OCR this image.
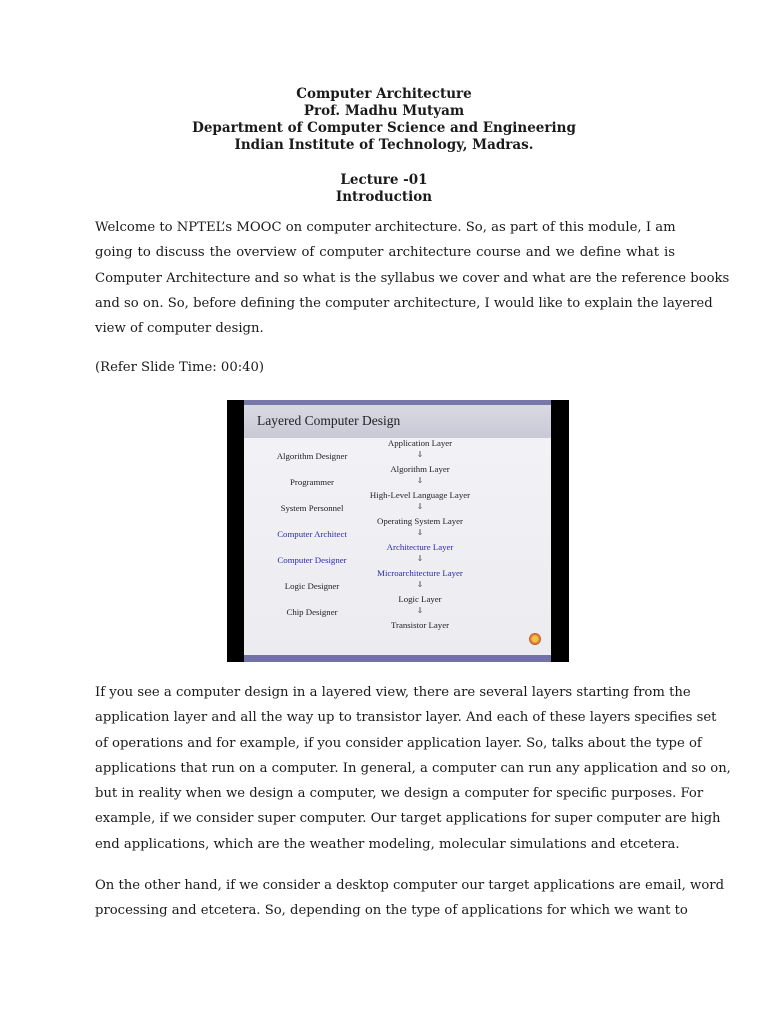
Computer Architecture
Prof. Madhu Mutyam
Department of Computer Science and Engineering
Indian Institute of Technology, Madras.
Lecture -01
Introduction
Welcome to NPTEL’s MOOC on computer architecture. So, as part of this module, I am
going to discuss the overview of computer architecture course and we define what is
Computer Architecture and so what is the syllabus we cover and what are the reference books
and so on. So, before defining the computer architecture, I would like to explain the layered
view of computer design.
(Refer Slide Time: 00:40)
Layered Computer Design
Algorithm Designer
Programmer
System Personnel
Computer Architect
Computer Designer
Logic Designer
Chip Designer
Application Layer
⇓
Algorithm Layer
⇓
High-Level Language Layer
⇓
Operating System Layer
⇓
Architecture Layer
⇓
Microarchitecture Layer
⇓
Logic Layer
⇓
Transistor Layer
If you see a computer design in a layered view, there are several layers starting from the
application layer and all the way up to transistor layer. And each of these layers specifies set
of operations and for example, if you consider application layer. So, talks about the type of
applications that run on a computer. In general, a computer can run any application and so on,
but in reality when we design a computer, we design a computer for specific purposes. For
example, if we consider super computer. Our target applications for super computer are high
end applications, which are the weather modeling, molecular simulations and etcetera.
On the other hand, if we consider a desktop computer our target applications are email, word
processing and etcetera. So, depending on the type of applications for which we want to
